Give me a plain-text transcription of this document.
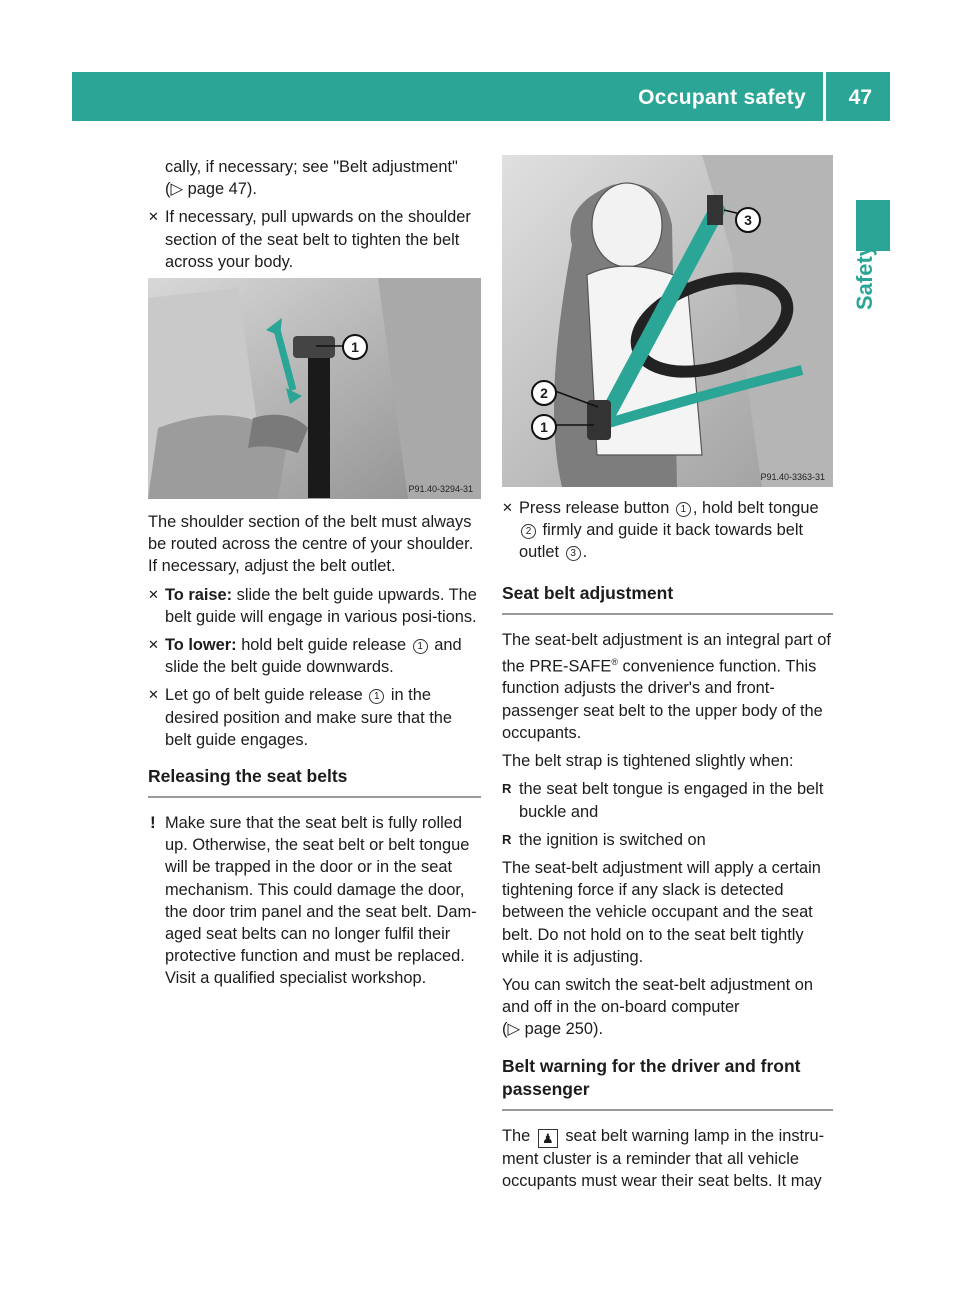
Occupant safety 47
Safety

cally, if necessary; see "Belt adjustment"
(▷ page 47).

✕ If necessary, pull upwards on the shoulder section of the seat belt to tighten the belt across your body.
1
P91.40-3294-31

The shoulder section of the belt must always be routed across the centre of your shoulder. If necessary, adjust the belt outlet.

✕ To raise: slide the belt guide upwards. The belt guide will engage in various posi-tions.
✕ To lower: hold belt guide release 1 and slide the belt guide downwards.
✕ Let go of belt guide release 1 in the desired position and make sure that the belt guide engages.
Releasing the seat belts
! Make sure that the seat belt is fully rolled up. Otherwise, the seat belt or belt tongue will be trapped in the door or in the seat mechanism. This could damage the door, the door trim panel and the seat belt. Dam-aged seat belts can no longer fulfil their protective function and must be replaced. Visit a qualified specialist workshop.
3
2
1
P91.40-3363-31
✕ Press release button 1 , hold belt tongue 2 firmly and guide it back towards belt outlet 3 .
Seat belt adjustment

The seat-belt adjustment is an integral part of the PRE-SAFE® convenience function. This function adjusts the driver's and front-passenger seat belt to the upper body of the occupants.

The belt strap is tightened slightly when:

R the seat belt tongue is engaged in the belt buckle and
R the ignition is switched on

The seat-belt adjustment will apply a certain tightening force if any slack is detected between the vehicle occupant and the seat belt. Do not hold on to the seat belt tightly while it is adjusting.

You can switch the seat-belt adjustment on and off in the on-board computer
(▷ page 250).

Belt warning for the driver and front passenger

The ♟ seat belt warning lamp in the instru-ment cluster is a reminder that all vehicle occupants must wear their seat belts. It may
